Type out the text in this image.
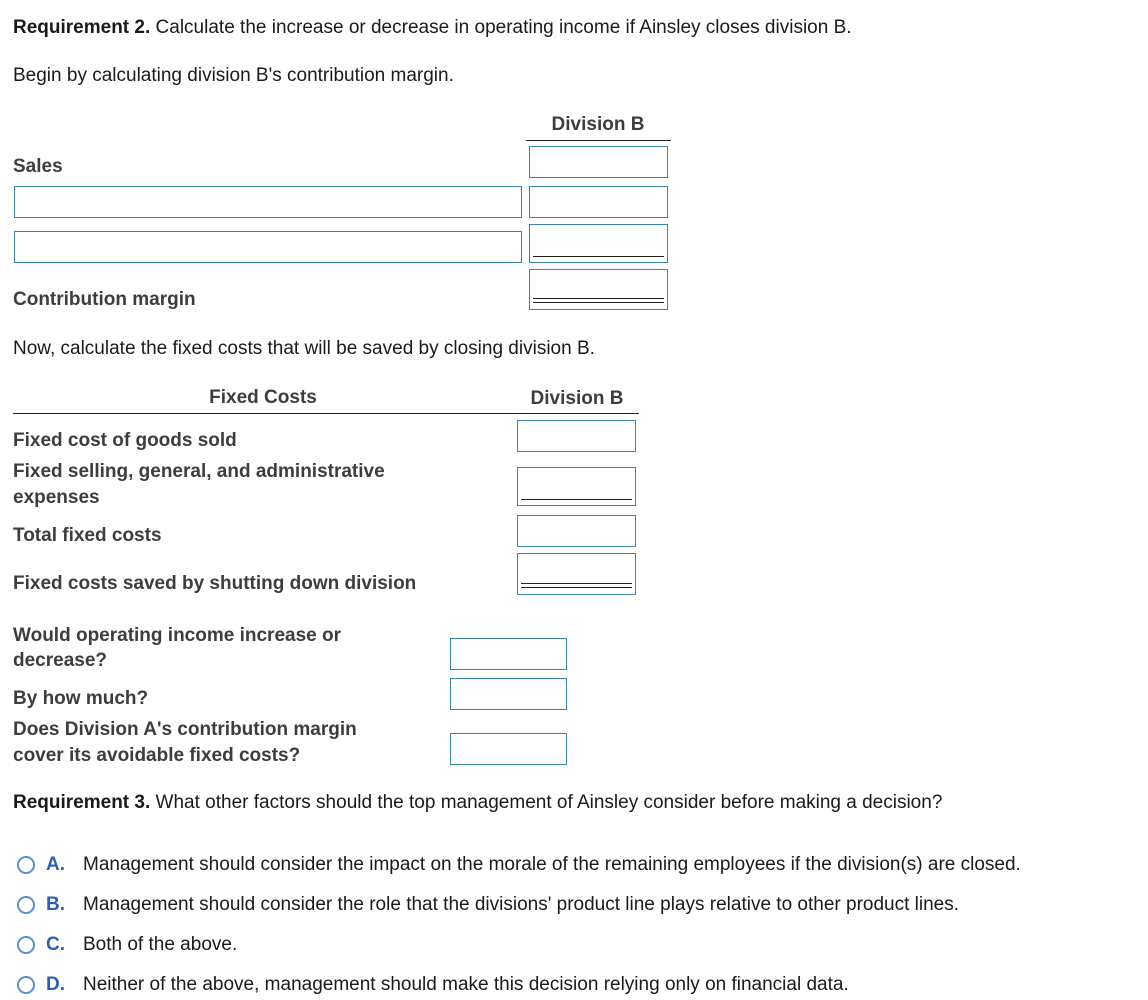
Requirement 2. Calculate the increase or decrease in operating income if Ainsley closes division B.
Begin by calculating division B's contribution margin.
Division B
Sales
Contribution margin
Now, calculate the fixed costs that will be saved by closing division B.
Fixed Costs	Division B
Fixed cost of goods sold
Fixed selling, general, and administrative
expenses
Total fixed costs
Fixed costs saved by shutting down division
Would operating income increase or
decrease?
By how much?
Does Division A's contribution margin
cover its avoidable fixed costs?
Requirement 3. What other factors should the top management of Ainsley consider before making a decision?
A. Management should consider the impact on the morale of the remaining employees if the division(s) are closed.
B. Management should consider the role that the divisions' product line plays relative to other product lines.
C. Both of the above.
D. Neither of the above, management should make this decision relying only on financial data.
